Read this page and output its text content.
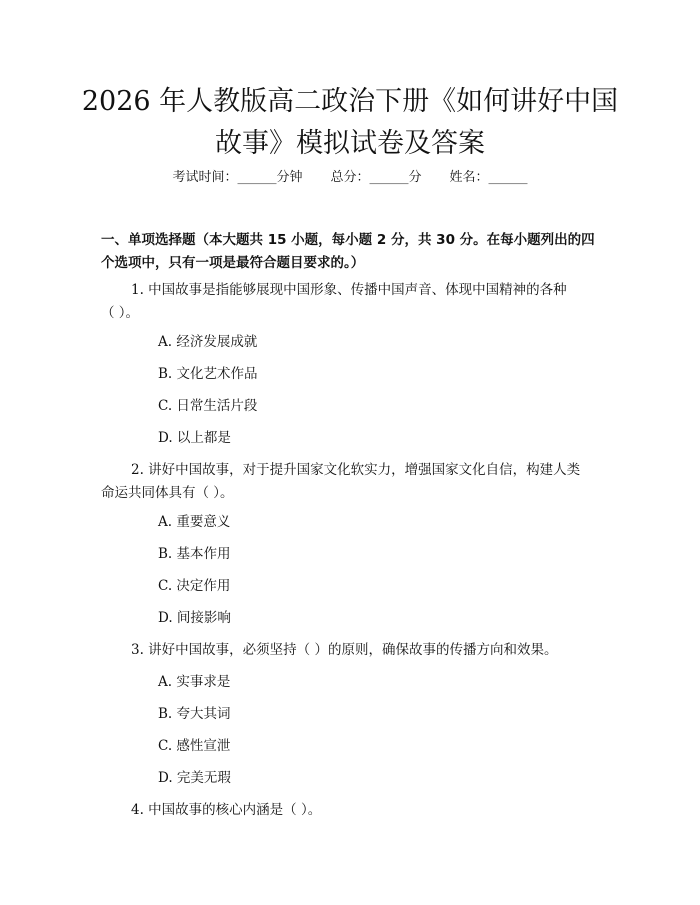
2026 年人教版高二政治下册《如何讲好中国
故事》模拟试卷及答案
考试时间：______分钟 总分：______分 姓名：______
一、单项选择题（本大题共 15 小题，每小题 2 分，共 30 分。在每小题列出的四
个选项中，只有一项是最符合题目要求的。）
1. 中国故事是指能够展现中国形象、传播中国声音、体现中国精神的各种
（ ）。
A. 经济发展成就
B. 文化艺术作品
C. 日常生活片段
D. 以上都是
2. 讲好中国故事，对于提升国家文化软实力，增强国家文化自信，构建人类
命运共同体具有（ ）。
A. 重要意义
B. 基本作用
C. 决定作用
D. 间接影响
3. 讲好中国故事，必须坚持（ ）的原则，确保故事的传播方向和效果。
A. 实事求是
B. 夸大其词
C. 感性宣泄
D. 完美无瑕
4. 中国故事的核心内涵是（ ）。
